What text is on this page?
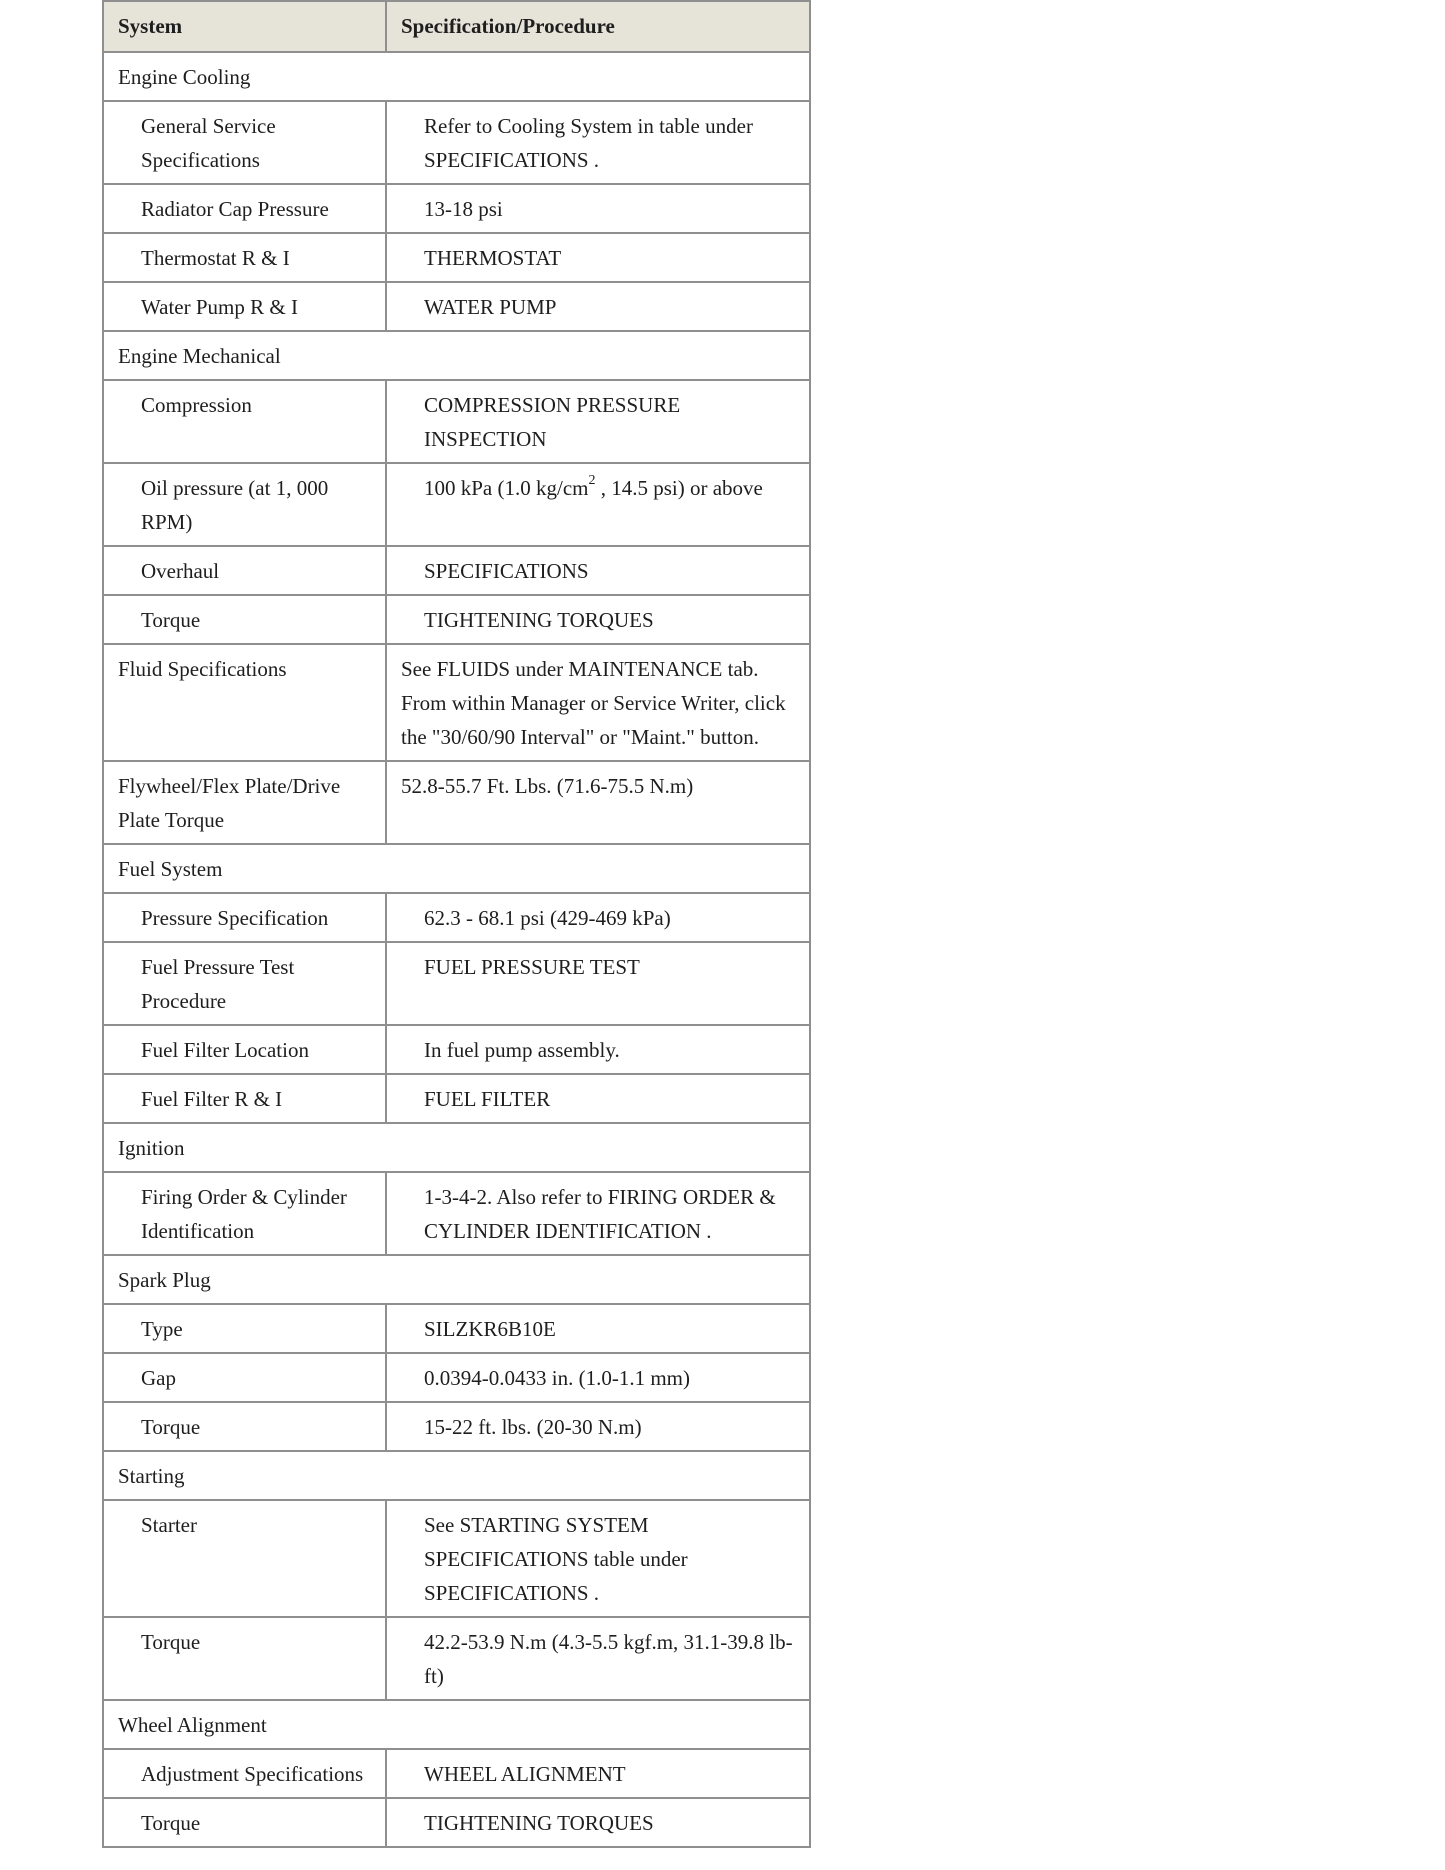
System	Specification/Procedure
Engine Cooling	
General Service Specifications	Refer to Cooling System in table under SPECIFICATIONS .
Radiator Cap Pressure	13-18 psi
Thermostat R & I	THERMOSTAT
Water Pump R & I	WATER PUMP
Engine Mechanical	
Compression	COMPRESSION PRESSURE INSPECTION
Oil pressure (at 1, 000 RPM)	100 kPa (1.0 $kg/cm^2$ , 14.5 psi) or above
Overhaul	SPECIFICATIONS
Torque	TIGHTENING TORQUES
Fluid Specifications	See FLUIDS under MAINTENANCE tab. From within Manager or Service Writer, click the "30/60/90 Interval" or "Maint." button.
Flywheel/Flex Plate/Drive Plate Torque	52.8-55.7 Ft. Lbs. (71.6-75.5 N.m)
Fuel System	
Pressure Specification	62.3 - 68.1 psi (429-469 kPa)
Fuel Pressure Test Procedure	FUEL PRESSURE TEST
Fuel Filter Location	In fuel pump assembly.
Fuel Filter R & I	FUEL FILTER
Ignition	
Firing Order & Cylinder Identification	1-3-4-2. Also refer to FIRING ORDER & CYLINDER IDENTIFICATION .
Spark Plug	
Type	SILZKR6B10E
Gap	0.0394-0.0433 in. (1.0-1.1 mm)
Torque	15-22 ft. lbs. (20-30 N.m)
Starting	
Starter	See STARTING SYSTEM SPECIFICATIONS table under SPECIFICATIONS .
Torque	42.2-53.9 N.m (4.3-5.5 kgf.m, 31.1-39.8 lb-ft)
Wheel Alignment	
Adjustment Specifications	WHEEL ALIGNMENT
Torque	TIGHTENING TORQUES
